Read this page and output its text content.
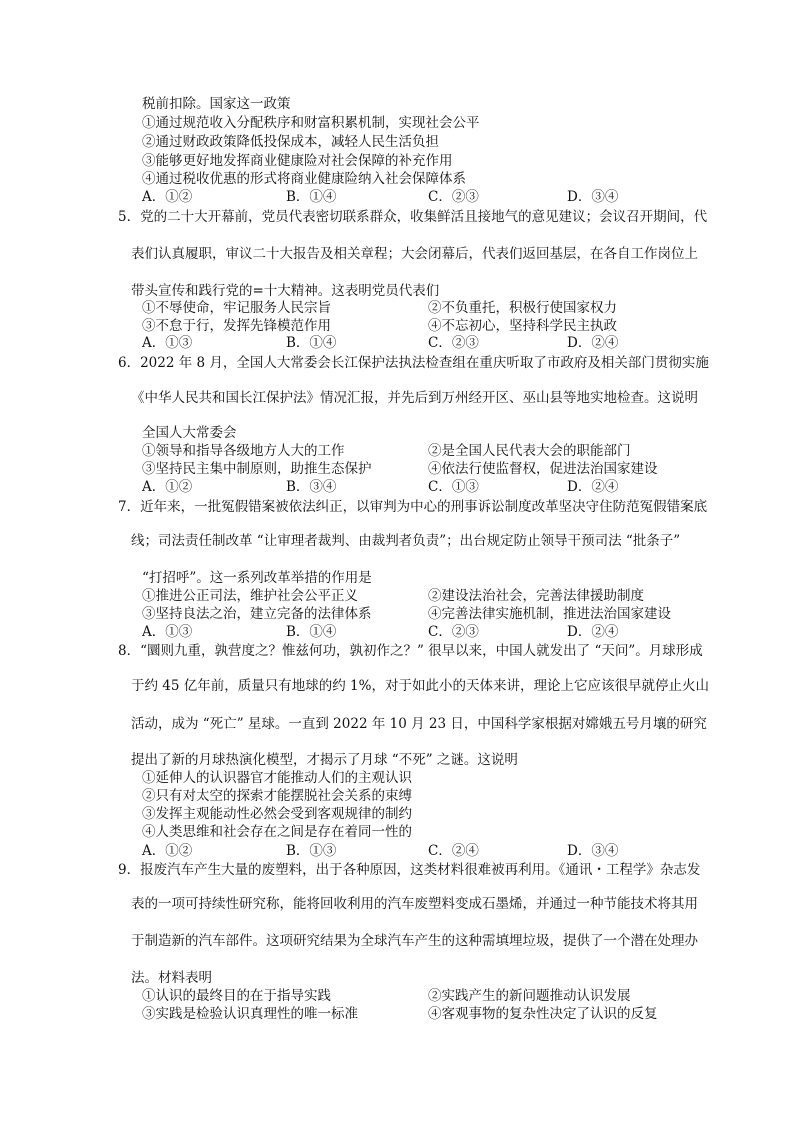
税前扣除。国家这一政策
①通过规范收入分配秩序和财富积累机制，实现社会公平
②通过财政政策降低投保成本，减轻人民生活负担
③能够更好地发挥商业健康险对社会保障的补充作用
④通过税收优惠的形式将商业健康险纳入社会保障体系
A．①②	B．①④	C．②③	D．③④
5．党的二十大开幕前，党员代表密切联系群众，收集鲜活且接地气的意见建议；会议召开期间，代
表们认真履职，审议二十大报告及相关章程；大会闭幕后，代表们返回基层，在各自工作岗位上
带头宣传和践行党的=十大精神。这表明党员代表们
①不辱使命，牢记服务人民宗旨	②不负重托，积极行使国家权力
③不怠于行，发挥先锋模范作用	④不忘初心，坚持科学民主执政
A．①③	B．①④	C．②③	D．②④
6．2022 年 8 月，全国人大常委会长江保护法执法检查组在重庆听取了市政府及相关部门贯彻实施
《中华人民共和国长江保护法》情况汇报，并先后到万州经开区、巫山县等地实地检查。这说明
全国人大常委会
①领导和指导各级地方人大的工作	②是全国人民代表大会的职能部门
③坚持民主集中制原则，助推生态保护	④依法行使监督权，促进法治国家建设
A．①②	B．③④	C．①③	D．②④
7．近年来，一批冤假错案被依法纠正，以审判为中心的刑事诉讼制度改革坚决守住防范冤假错案底
线；司法责任制改革 “让审理者裁判、由裁判者负责”；出台规定防止领导干预司法 “批条子”
“打招呼”。这一系列改革举措的作用是
①推进公正司法，维护社会公平正义	②建设法治社会，完善法律援助制度
③坚持良法之治，建立完备的法律体系	④完善法律实施机制，推进法治国家建设
A．①③	B．①④	C．②③	D．②④
8．“圜则九重，孰营度之？惟兹何功，孰初作之？” 很早以来，中国人就发出了 “天问”。月球形成
于约 45 亿年前，质量只有地球的约 1%，对于如此小的天体来讲，理论上它应该很早就停止火山
活动，成为 “死亡” 星球。一直到 2022 年 10 月 23 日，中国科学家根据对嫦娥五号月壤的研究
提出了新的月球热演化模型，才揭示了月球 “不死” 之谜。这说明
①延伸人的认识器官才能推动人们的主观认识
②只有对太空的探索才能摆脱社会关系的束缚
③发挥主观能动性必然会受到客观规律的制约
④人类思维和社会存在之间是存在着同一性的
A．①②	B．①③	C．②④	D．③④
9．报废汽车产生大量的废塑料，出于各种原因，这类材料很难被再利用。《通讯・工程学》杂志发
表的一项可持续性研究称，能将回收利用的汽车废塑料变成石墨烯，并通过一种节能技术将其用
于制造新的汽车部件。这项研究结果为全球汽车产生的这种需填埋垃圾，提供了一个潜在处理办
法。材料表明
①认识的最终目的在于指导实践	②实践产生的新问题推动认识发展
③实践是检验认识真理性的唯一标准	④客观事物的复杂性决定了认识的反复
